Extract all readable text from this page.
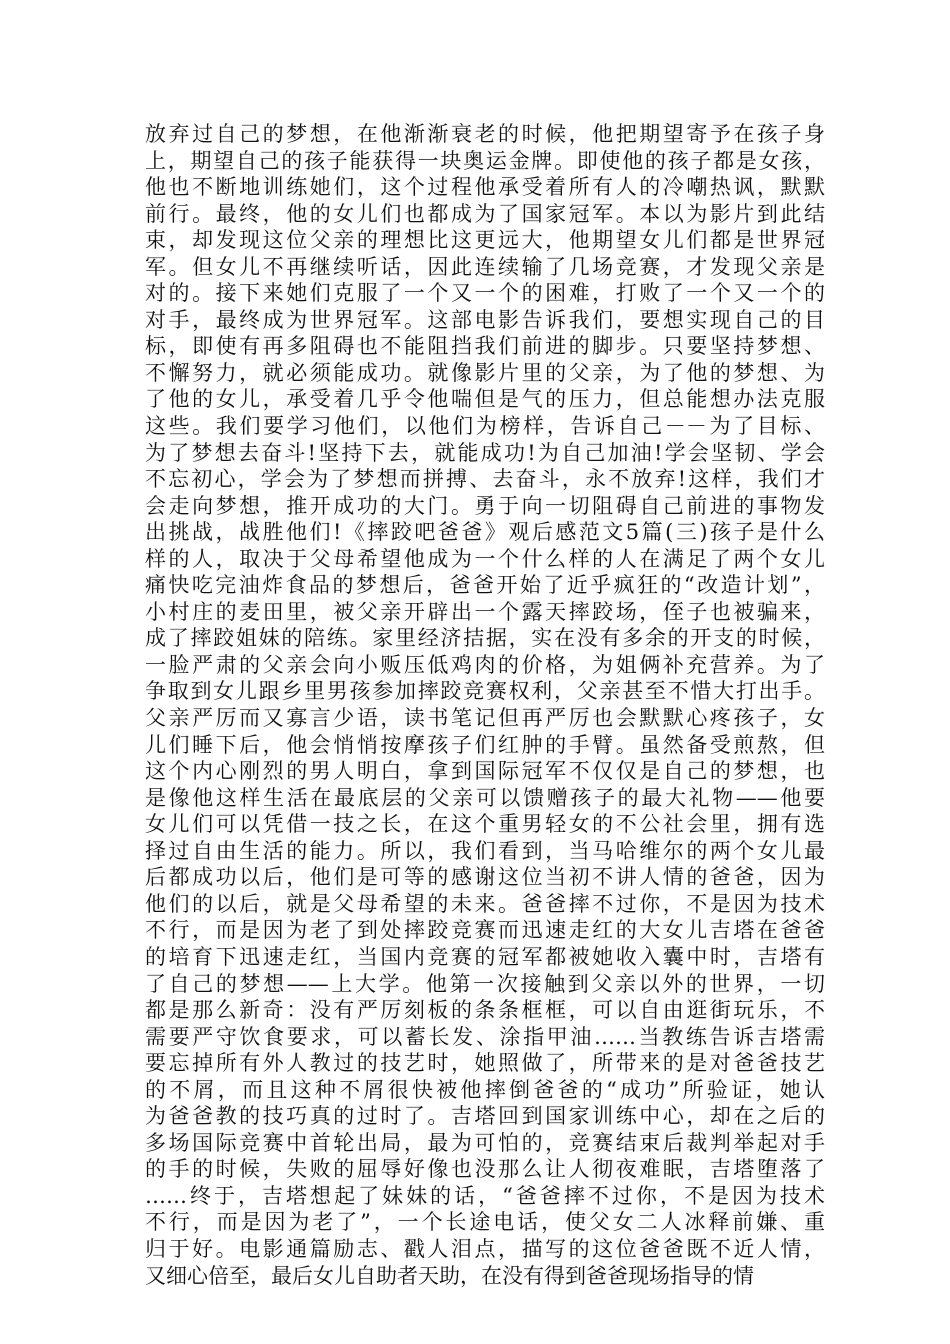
放弃过自己的梦想，在他渐渐衰老的时候，他把期望寄予在孩子身
上，期望自己的孩子能获得一块奥运金牌。即使他的孩子都是女孩，
他也不断地训练她们，这个过程他承受着所有人的冷嘲热讽，默默
前行。最终，他的女儿们也都成为了国家冠军。本以为影片到此结
束，却发现这位父亲的理想比这更远大，他期望女儿们都是世界冠
军。但女儿不再继续听话，因此连续输了几场竞赛，才发现父亲是
对的。接下来她们克服了一个又一个的困难，打败了一个又一个的
对手，最终成为世界冠军。这部电影告诉我们，要想实现自己的目
标，即使有再多阻碍也不能阻挡我们前进的脚步。只要坚持梦想、
不懈努力，就必须能成功。就像影片里的父亲，为了他的梦想、为
了他的女儿，承受着几乎令他喘但是气的压力，但总能想办法克服
这些。我们要学习他们，以他们为榜样，告诉自己－－为了目标、
为了梦想去奋斗!坚持下去，就能成功!为自己加油!学会坚韧、学会
不忘初心，学会为了梦想而拼搏、去奋斗，永不放弃!这样，我们才
会走向梦想，推开成功的大门。勇于向一切阻碍自己前进的事物发
出挑战，战胜他们!《摔跤吧爸爸》观后感范文5篇(三)孩子是什么
样的人，取决于父母希望他成为一个什么样的人在满足了两个女儿
痛快吃完油炸食品的梦想后，爸爸开始了近乎疯狂的“改造计划”，
小村庄的麦田里，被父亲开辟出一个露天摔跤场，侄子也被骗来，
成了摔跤姐妹的陪练。家里经济拮据，实在没有多余的开支的时候，
一脸严肃的父亲会向小贩压低鸡肉的价格，为姐俩补充营养。为了
争取到女儿跟乡里男孩参加摔跤竞赛权利，父亲甚至不惜大打出手。
父亲严厉而又寡言少语，读书笔记但再严厉也会默默心疼孩子，女
儿们睡下后，他会悄悄按摩孩子们红肿的手臂。虽然备受煎熬，但
这个内心刚烈的男人明白，拿到国际冠军不仅仅是自己的梦想，也
是像他这样生活在最底层的父亲可以馈赠孩子的最大礼物——他要
女儿们可以凭借一技之长，在这个重男轻女的不公社会里，拥有选
择过自由生活的能力。所以，我们看到，当马哈维尔的两个女儿最
后都成功以后，他们是可等的感谢这位当初不讲人情的爸爸，因为
他们的以后，就是父母希望的未来。爸爸摔不过你，不是因为技术
不行，而是因为老了到处摔跤竞赛而迅速走红的大女儿吉塔在爸爸
的培育下迅速走红，当国内竞赛的冠军都被她收入囊中时，吉塔有
了自己的梦想——上大学。他第一次接触到父亲以外的世界，一切
都是那么新奇：没有严厉刻板的条条框框，可以自由逛街玩乐，不
需要严守饮食要求，可以蓄长发、涂指甲油……当教练告诉吉塔需
要忘掉所有外人教过的技艺时，她照做了，所带来的是对爸爸技艺
的不屑，而且这种不屑很快被他摔倒爸爸的“成功”所验证，她认
为爸爸教的技巧真的过时了。吉塔回到国家训练中心，却在之后的
多场国际竞赛中首轮出局，最为可怕的，竞赛结束后裁判举起对手
的手的时候，失败的屈辱好像也没那么让人彻夜难眠，吉塔堕落了
……终于，吉塔想起了妹妹的话，“爸爸摔不过你，不是因为技术
不行，而是因为老了”，一个长途电话，使父女二人冰释前嫌、重
归于好。电影通篇励志、戳人泪点，描写的这位爸爸既不近人情，
又细心倍至，最后女儿自助者天助，在没有得到爸爸现场指导的情
